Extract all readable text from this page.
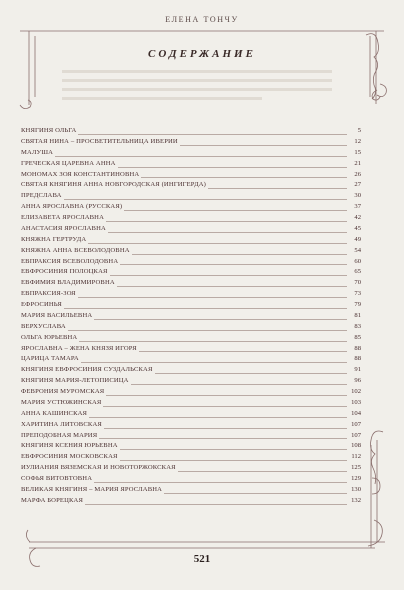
ЕЛЕНА ТОНЧУ
СОДЕРЖАНИЕ
КНЯГИНЯ ОЛЬГА	5
СВЯТАЯ НИНА – ПРОСВЕТИТЕЛЬНИЦА ИВЕРИИ	12
МАЛУША	15
ГРЕЧЕСКАЯ ЦАРЕВНА АННА	21
МОНОМАХ ЗОЯ КОНСТАНТИНОВНА	26
СВЯТАЯ КНЯГИНЯ АННА НОВГОРОДСКАЯ (ИНГИГЕРДА)	27
ПРЕДСЛАВА	30
АННА ЯРОСЛАВНА (РУССКАЯ)	37
ЕЛИЗАВЕТА ЯРОСЛАВНА	42
АНАСТАСИЯ ЯРОСЛАВНА	45
КНЯЖНА ГЕРТРУДА	49
КНЯЖНА АННА ВСЕВОЛОДОВНА	54
ЕВПРАКСИЯ ВСЕВОЛОДОВНА	60
ЕВФРОСИНИЯ ПОЛОЦКАЯ	65
ЕВФИМИЯ ВЛАДИМИРОВНА	70
ЕВПРАКСИЯ-ЗОЯ	73
ЕФРОСИНЬЯ	79
МАРИЯ ВАСИЛЬЕВНА	81
ВЕРХУСЛАВА	83
ОЛЬГА ЮРЬЕВНА	85
ЯРОСЛАВНА – ЖЕНА КНЯЗЯ ИГОРЯ	88
ЦАРИЦА ТАМАРА	88
КНЯГИНЯ ЕВФРОСИНИЯ СУЗДАЛЬСКАЯ	91
КНЯГИНЯ МАРИЯ-ЛЕТОПИСИЦА	96
ФЕВРОНИЯ МУРОМСКАЯ	102
МАРИЯ УСТЮЖИНСКАЯ	103
АННА КАШИНСКАЯ	104
ХАРИТИНА ЛИТОВСКАЯ	107
ПРЕПОДОБНАЯ МАРИЯ	107
КНЯГИНЯ КСЕНИЯ ЮРЬЕВНА	108
ЕВФРОСИНИЯ МОСКОВСКАЯ	112
ИУЛИАНИЯ ВЯЗЕМСКАЯ И НОВОТОРЖОКСКАЯ	125
СОФЬЯ ВИТОВТОВНА	129
ВЕЛИКАЯ КНЯГИНЯ – МАРИЯ ЯРОСЛАВНА	130
МАРФА БОРЕЦКАЯ	132
521
